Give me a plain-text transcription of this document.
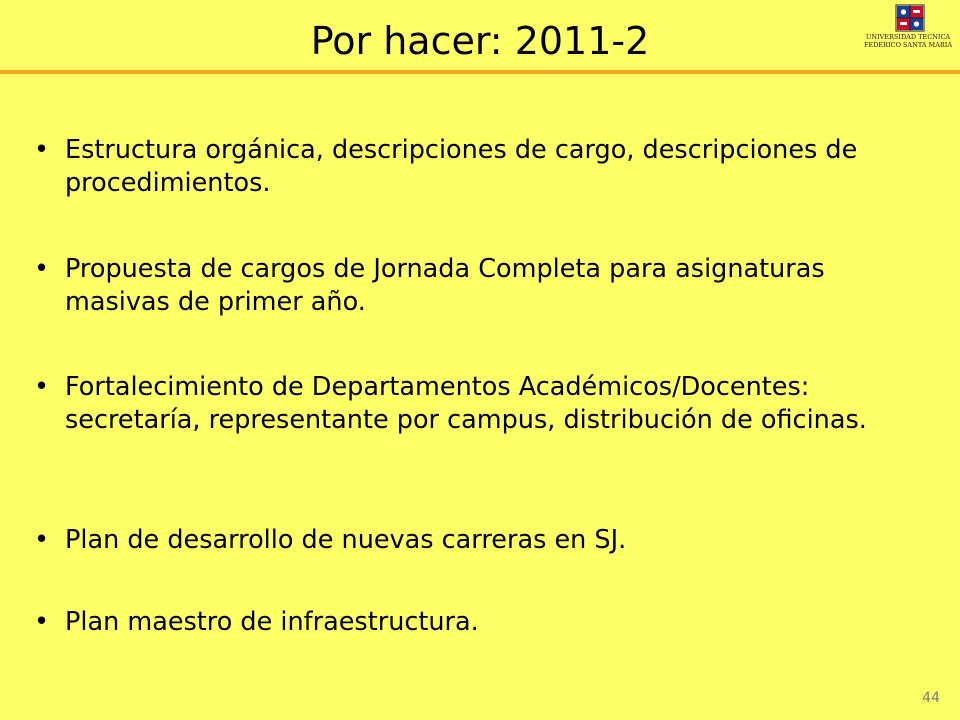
Por hacer: 2011-2	UNIVERSIDAD TECNICA
FEDERICO SANTA MARIA
• Estructura orgánica, descripciones de cargo, descripciones de procedimientos.
• Propuesta de cargos de Jornada Completa para asignaturas masivas de primer año.
• Fortalecimiento de Departamentos Académicos/Docentes: secretaría, representante por campus, distribución de oficinas.
• Plan de desarrollo de nuevas carreras en SJ.
• Plan maestro de infraestructura.
44
